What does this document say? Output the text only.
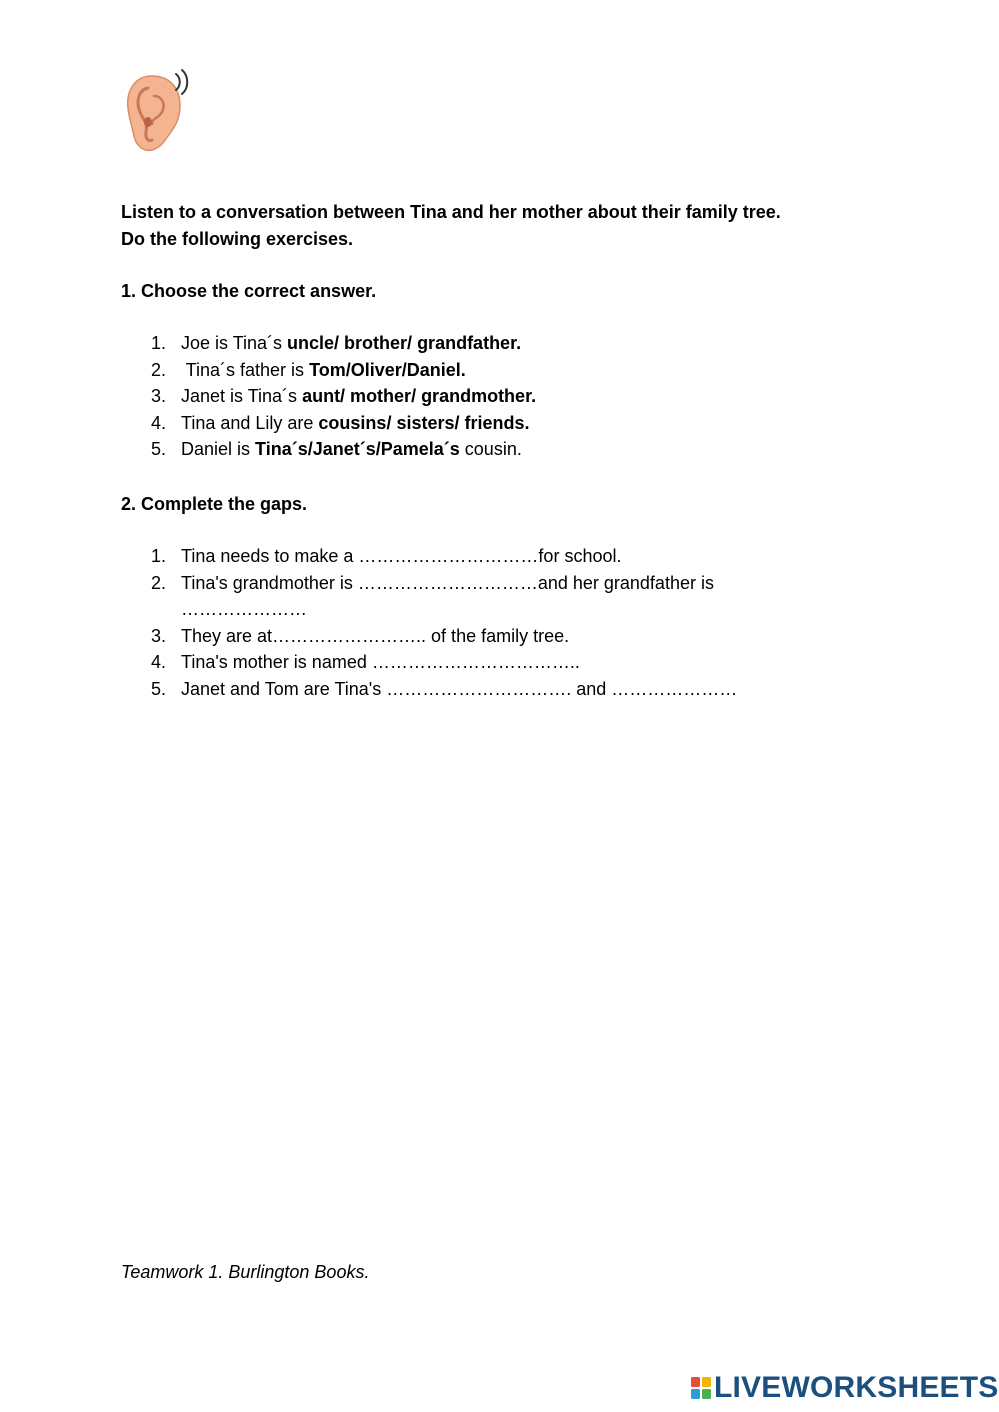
Listen to a conversation between Tina and her mother about their family tree.
Do the following exercises.
1. Choose the correct answer.
1. Joe is Tina´s uncle/ brother/ grandfather.
2. Tina´s father is Tom/Oliver/Daniel.
3. Janet is Tina´s aunt/ mother/ grandmother.
4. Tina and Lily are cousins/ sisters/ friends.
5. Daniel is Tina´s/Janet´s/Pamela´s cousin.
2. Complete the gaps.
1. Tina needs to make a …………………………for school.
2. Tina's grandmother is …………………………and her grandfather is …………………
3. They are at…………………….. of the family tree.
4. Tina's mother is named ……………………………..
5. Janet and Tom are Tina's …………………………. and …………………
Teamwork 1. Burlington Books.
LIVEWORKSHEETS
